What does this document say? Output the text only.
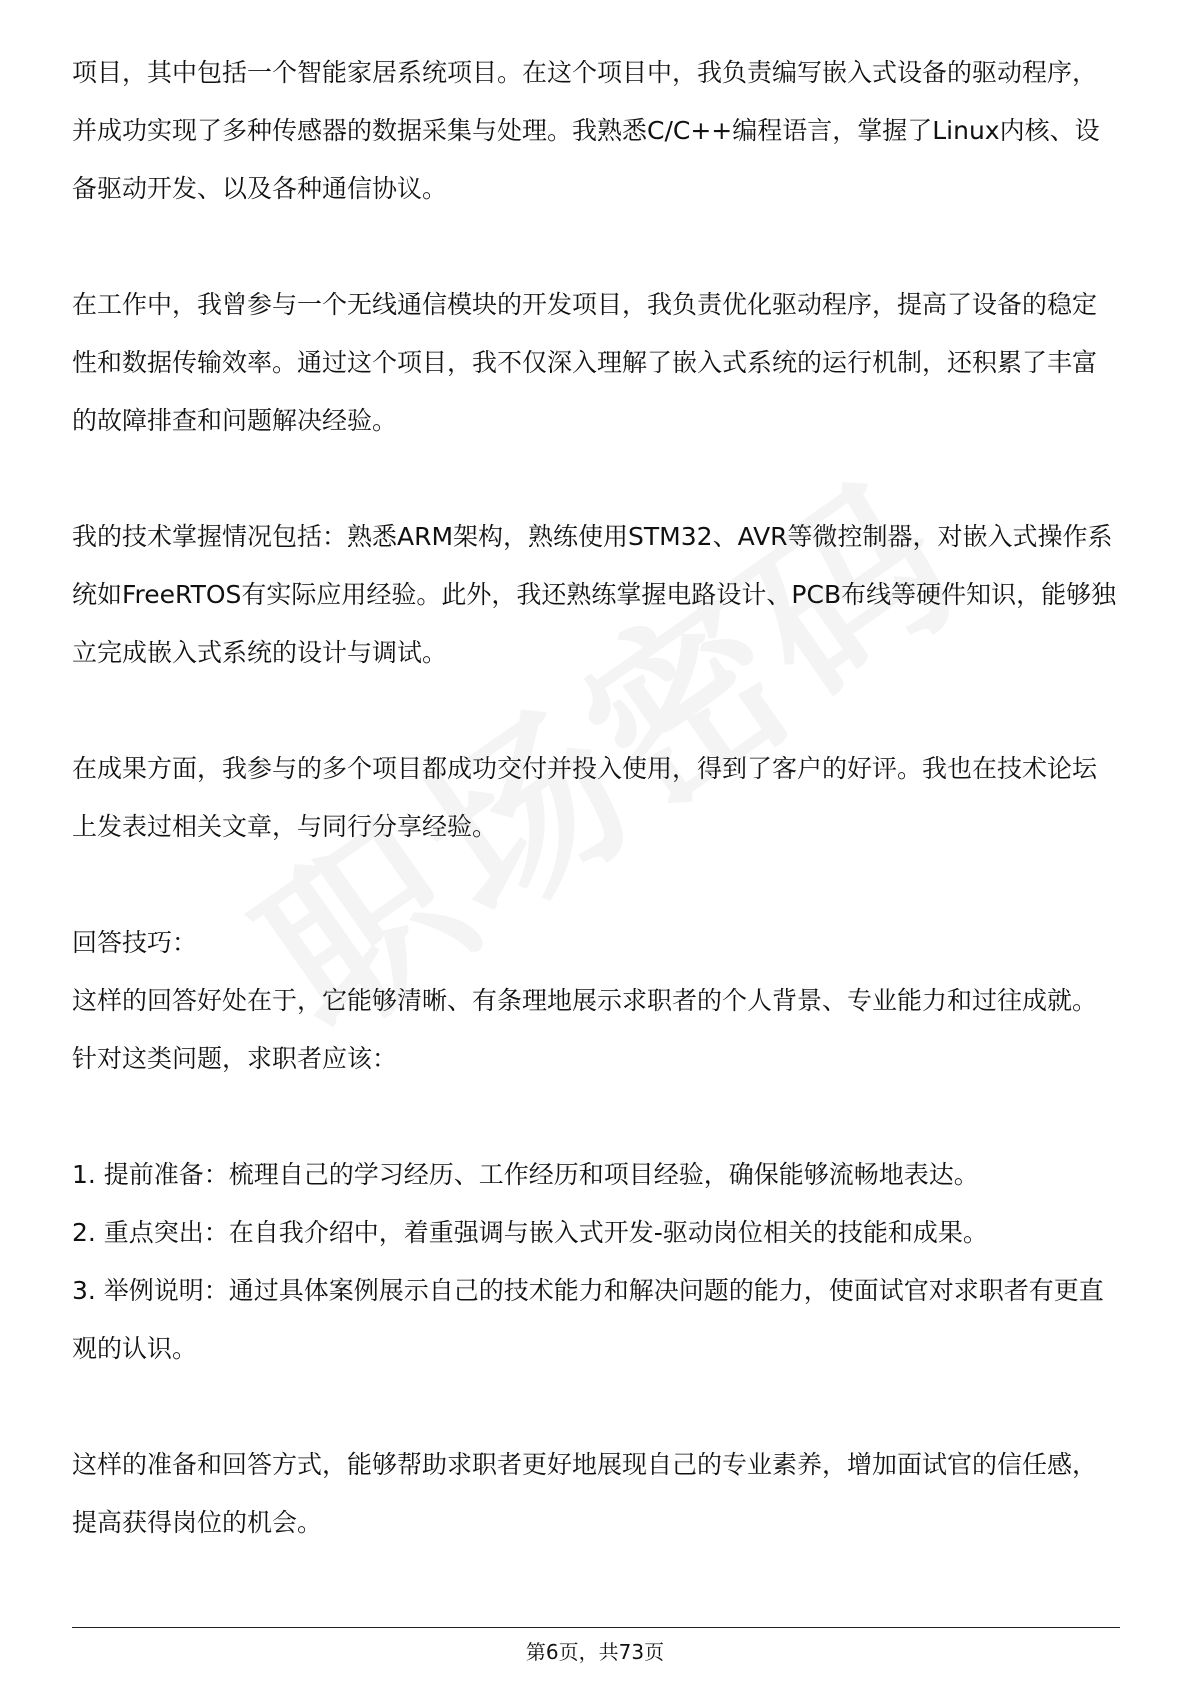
项目，其中包括一个智能家居系统项目。在这个项目中，我负责编写嵌入式设备的驱动程序，并成功实现了多种传感器的数据采集与处理。我熟悉C/C++编程语言，掌握了Linux内核、设备驱动开发、以及各种通信协议。

在工作中，我曾参与一个无线通信模块的开发项目，我负责优化驱动程序，提高了设备的稳定性和数据传输效率。通过这个项目，我不仅深入理解了嵌入式系统的运行机制，还积累了丰富的故障排查和问题解决经验。

我的技术掌握情况包括：熟悉ARM架构，熟练使用STM32、AVR等微控制器，对嵌入式操作系统如FreeRTOS有实际应用经验。此外，我还熟练掌握电路设计、PCB布线等硬件知识，能够独立完成嵌入式系统的设计与调试。

在成果方面，我参与的多个项目都成功交付并投入使用，得到了客户的好评。我也在技术论坛上发表过相关文章，与同行分享经验。

回答技巧：

这样的回答好处在于，它能够清晰、有条理地展示求职者的个人背景、专业能力和过往成就。针对这类问题，求职者应该：

1. 提前准备：梳理自己的学习经历、工作经历和项目经验，确保能够流畅地表达。

2. 重点突出：在自我介绍中，着重强调与嵌入式开发-驱动岗位相关的技能和成果。

3. 举例说明：通过具体案例展示自己的技术能力和解决问题的能力，使面试官对求职者有更直观的认识。

这样的准备和回答方式，能够帮助求职者更好地展现自己的专业素养，增加面试官的信任感，提高获得岗位的机会。

第6页，共73页
